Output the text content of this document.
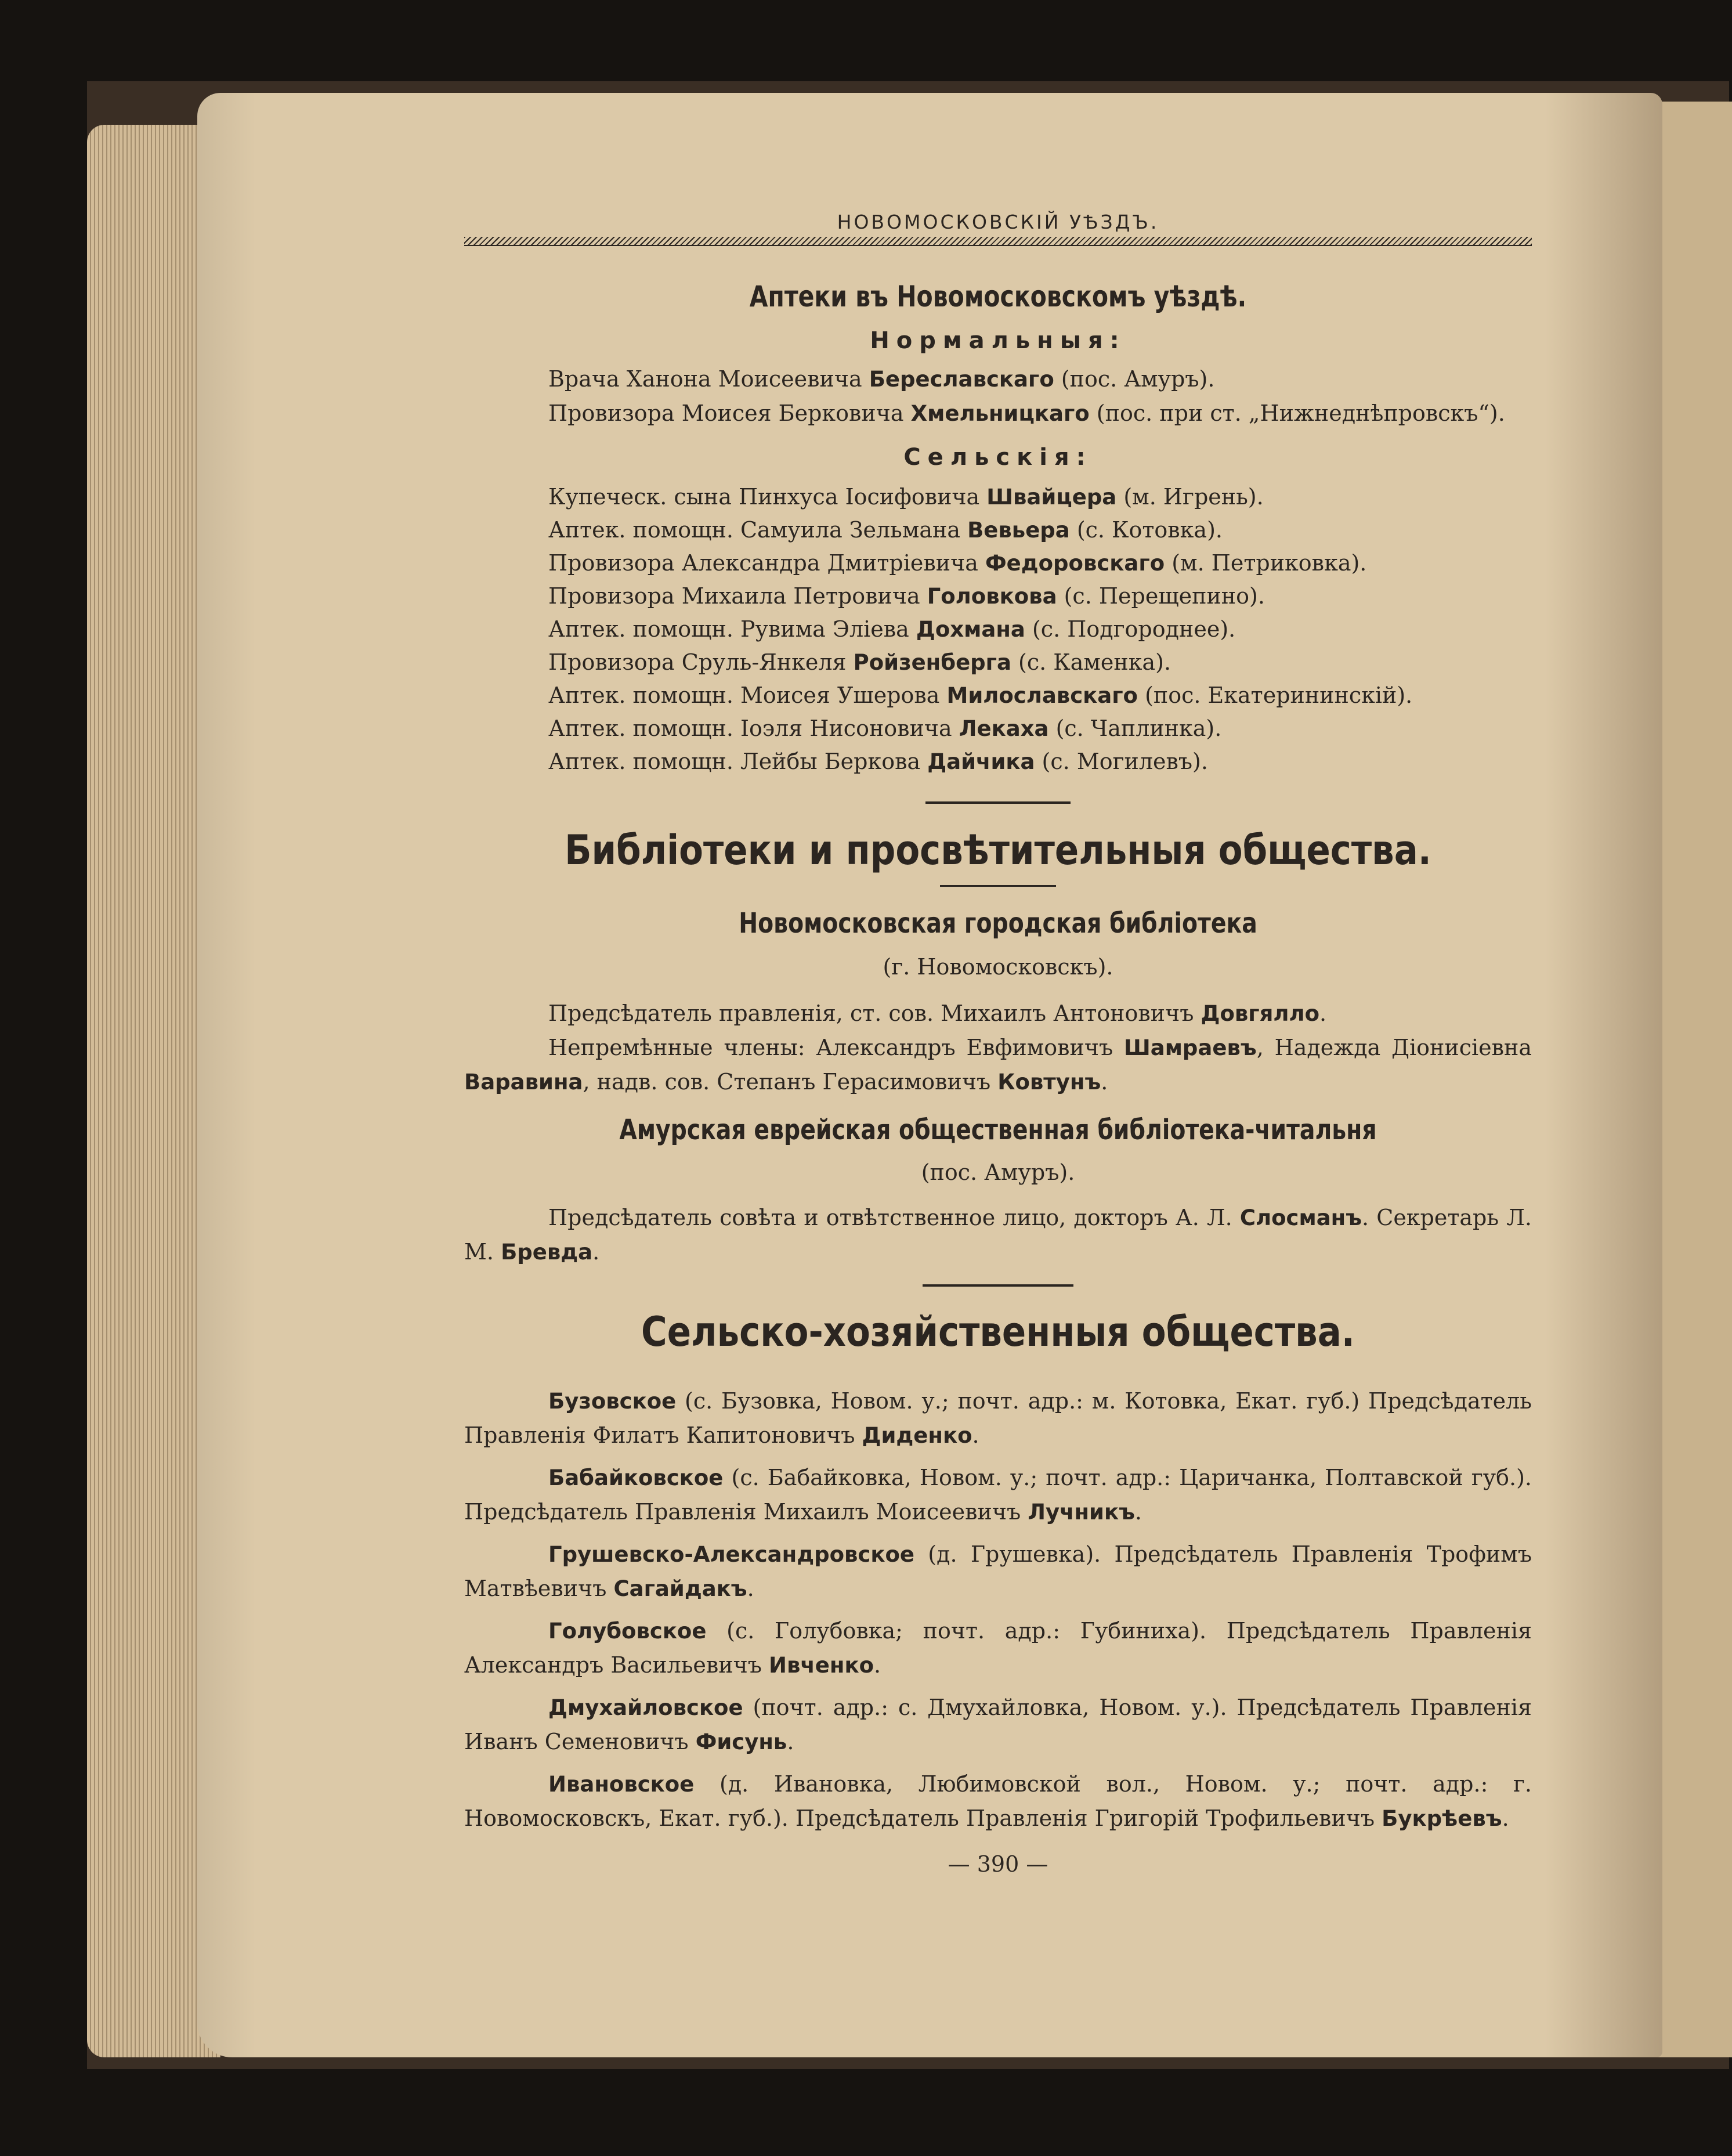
НОВОМОСКОВСКІЙ УѢЗДЪ.
Аптеки въ Новомосковскомъ уѣздѣ.
Нормальныя:

Врача Ханона Моисеевича Береславскаго (пос. Амуръ).

Провизора Моисея Берковича Хмельницкаго (пос. при ст. „Нижнеднѣпровскъ“).

Сельскія:
Купеческ. сына Пинхуса Іосифовича Швайцера (м. Игрень).
Аптек. помощн. Самуила Зельмана Вевьера (с. Котовка).
Провизора Александра Дмитріевича Федоровскаго (м. Петриковка).
Провизора Михаила Петровича Головкова (с. Перещепино).
Аптек. помощн. Рувима Эліева Дохмана (с. Подгороднее).
Провизора Сруль-Янкеля Ройзенберга (с. Каменка).
Аптек. помощн. Моисея Ушерова Милославскаго (пос. Екатерининскій).
Аптек. помощн. Іоэля Нисоновича Лекаха (с. Чаплинка).
Аптек. помощн. Лейбы Беркова Дайчика (с. Могилевъ).
Библіотеки и просвѣтительныя общества.
Новомосковская городская библіотека
(г. Новомосковскъ).

Предсѣдатель правленія, ст. сов. Михаилъ Антоновичъ Довгялло.

Непремѣнные члены: Александръ Евфимовичъ Шамраевъ, Надежда Діонисіевна Варавина, надв. сов. Степанъ Герасимовичъ Ковтунъ.

Амурская еврейская общественная библіотека-читальня
(пос. Амуръ).

Предсѣдатель совѣта и отвѣтственное лицо, докторъ А. Л. Слосманъ. Секретарь Л. М. Бревда.

Сельско-хозяйственныя общества.

Бузовское (с. Бузовка, Новом. у.; почт. адр.: м. Котовка, Екат. губ.) Предсѣдатель Правленія Филатъ Капитоновичъ Диденко.

Бабайковское (с. Бабайковка, Новом. у.; почт. адр.: Царичанка, Полтавской губ.). Предсѣдатель Правленія Михаилъ Моисеевичъ Лучникъ.

Грушевско-Александровское (д. Грушевка). Предсѣдатель Правленія Трофимъ Матвѣевичъ Сагайдакъ.

Голубовское (с. Голубовка; почт. адр.: Губиниха). Предсѣдатель Правленія Александръ Васильевичъ Ивченко.

Дмухайловское (почт. адр.: с. Дмухайловка, Новом. у.). Предсѣдатель Правленія Иванъ Семеновичъ Фисунь.

Ивановское (д. Ивановка, Любимовской вол., Новом. у.; почт. адр.: г. Новомосковскъ, Екат. губ.). Предсѣдатель Правленія Григорій Трофильевичъ Букрѣевъ.

— 390 —
